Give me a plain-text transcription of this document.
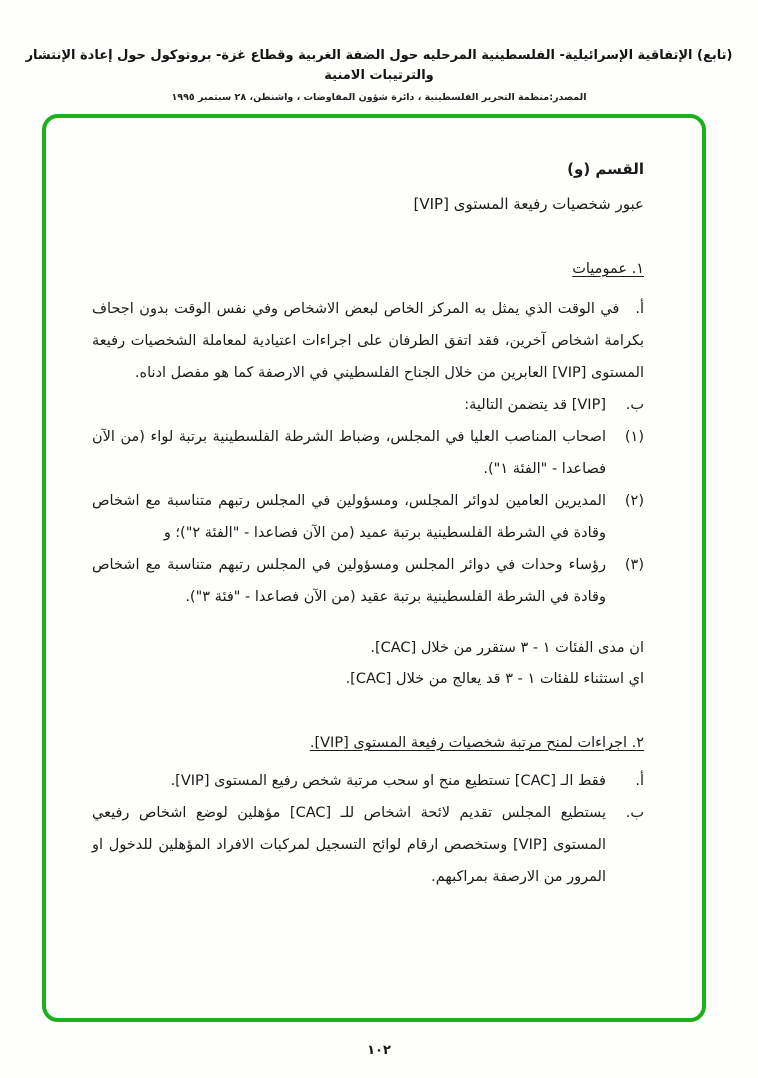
(تابع) الإتفاقية الإسرائيلية- الفلسطينية المرحليه حول الضفة الغربية وقطاع غزة- بروتوكول حول إعادة الإنتشار والترتيبات الامنية
المصدر:منظمة التحرير الفلسطينية ، دائرة شؤون المفاوضات ، واشنطن، ٢٨ سبتمبر ١٩٩٥
القسم (و)
عبور شخصيات رفيعة المستوى [VIP]
١. عموميات

أ.في الوقت الذي يمثل به المركز الخاص لبعض الاشخاص وفي نفس الوقت بدون اجحاف بكرامة اشخاص آخرين، فقد اتفق الطرفان على اجراءات اعتيادية لمعاملة الشخصيات رفيعة المستوى [VIP] العابرين من خلال الجناح الفلسطيني في الارصفة كما هو مفصل ادناه.

ب.
[VIP] قد يتضمن التالية:
(١)
اصحاب المناصب العليا في المجلس، وضباط الشرطة الفلسطينية برتبة لواء (من الآن فصاعدا - "الفئة ١").
(٢)
المديرين العامين لدوائر المجلس، ومسؤولين في المجلس رتبهم متناسبة مع اشخاص وقادة في الشرطة الفلسطينية برتبة عميد (من الآن فصاعدا - "الفئة ٢")؛ و
(٣)
رؤساء وحدات في دوائر المجلس ومسؤولين في المجلس رتبهم متناسبة مع اشخاص وقادة في الشرطة الفلسطينية برتبة عقيد (من الآن فصاعدا - "فئة ٣").
ان مدى الفئات ١ - ٣ ستقرر من خلال [CAC].
اي استثناء للفئات ١ - ٣ قد يعالج من خلال [CAC].
٢. اجراءات لمنح مرتبة شخصيات رفيعة المستوى [VIP].
أ.
فقط الـ [CAC] تستطيع منح او سحب مرتبة شخص رفيع المستوى [VIP].
ب.
يستطيع المجلس تقديم لائحة اشخاص للـ [CAC] مؤهلين لوضع اشخاص رفيعي المستوى [VIP] وستخصص ارقام لوائح التسجيل لمركبات الافراد المؤهلين للدخول او المرور من الارصفة بمراكبهم.
١٠٢
